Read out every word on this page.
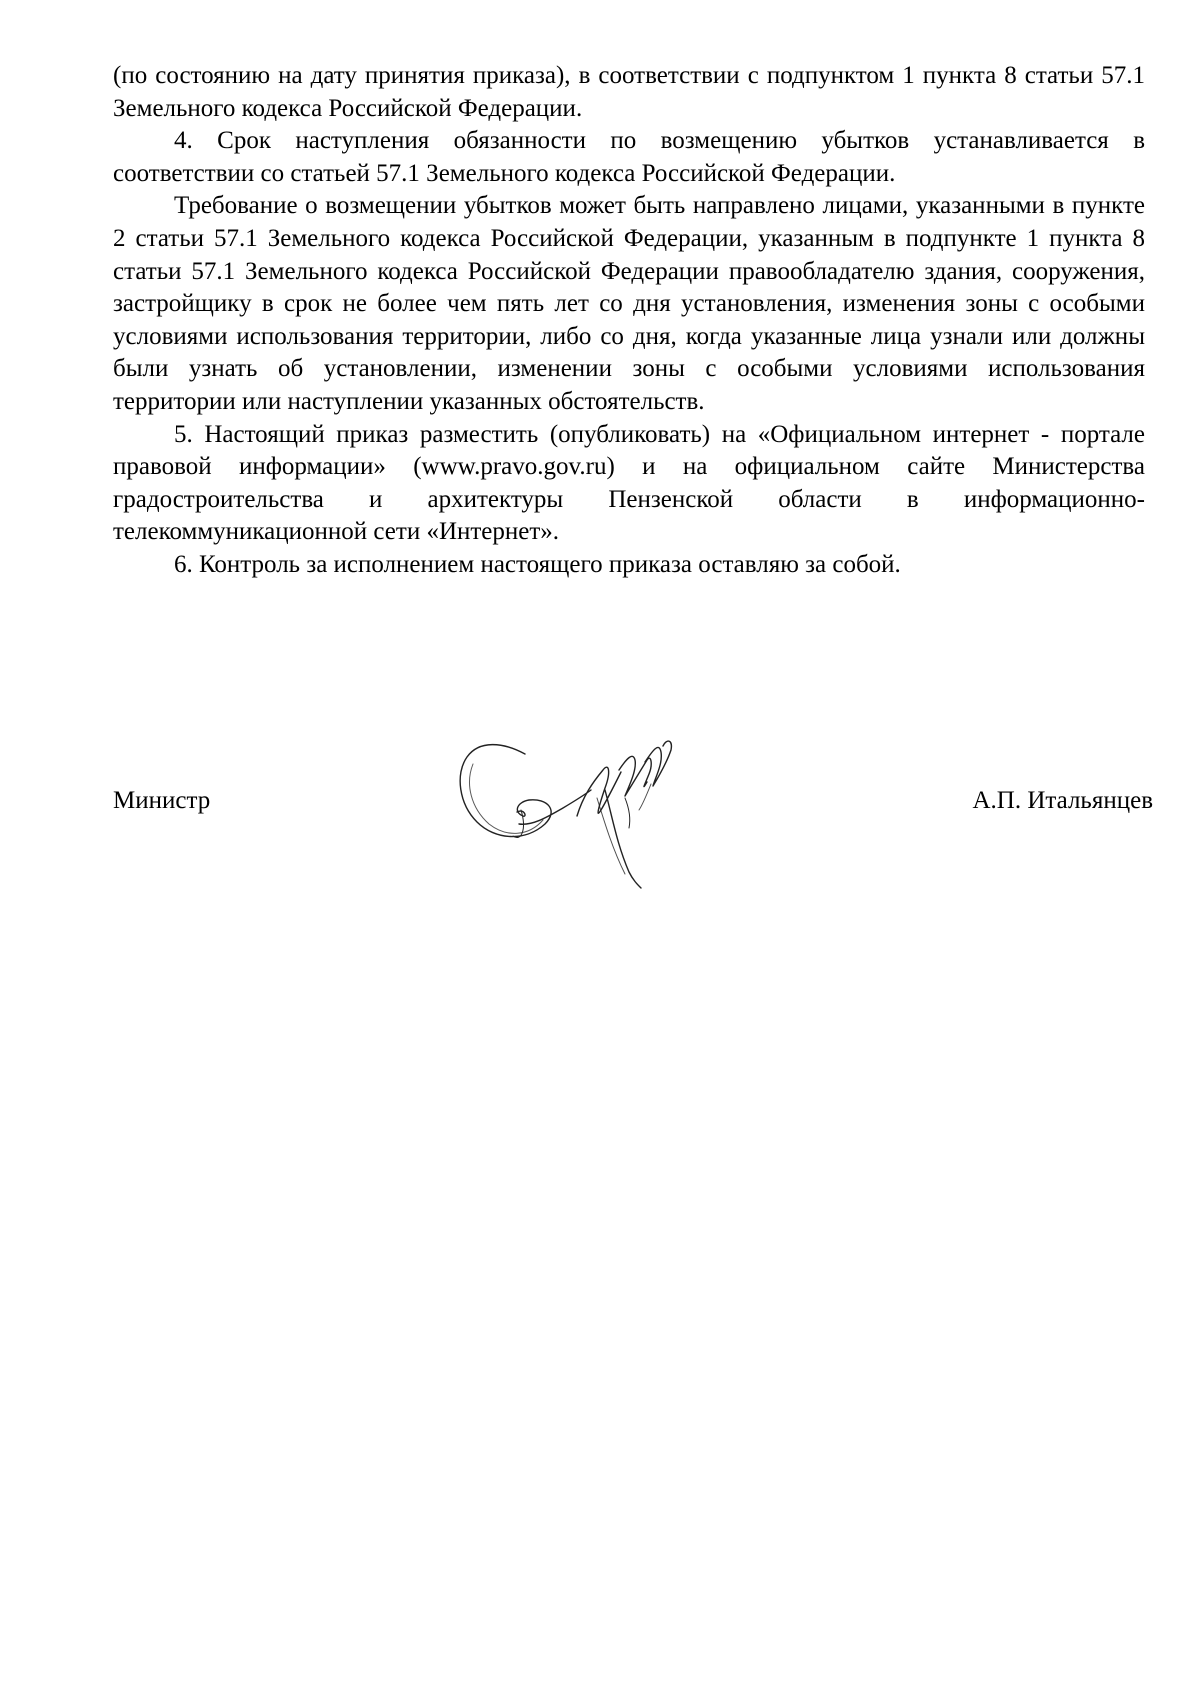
(по состоянию на дату принятия приказа), в соответствии с подпунктом 1 пункта 8 статьи 57.1 Земельного кодекса Российской Федерации.

4. Срок наступления обязанности по возмещению убытков устанавливается в соответствии со статьей 57.1 Земельного кодекса Российской Федерации.

Требование о возмещении убытков может быть направлено лицами, указанными в пункте 2 статьи 57.1 Земельного кодекса Российской Федерации, указанным в подпункте 1 пункта 8 статьи 57.1 Земельного кодекса Российской Федерации правообладателю здания, сооружения, застройщику в срок не более чем пять лет со дня установления, изменения зоны с особыми условиями использования территории, либо со дня, когда указанные лица узнали или должны были узнать об установлении, изменении зоны с особыми условиями использования территории или наступлении указанных обстоятельств.

5. Настоящий приказ разместить (опубликовать) на «Официальном интернет - портале правовой информации» (www.pravo.gov.ru) и на официальном сайте Министерства градостроительства и архитектуры Пензенской области в информационно-телекоммуникационной сети «Интернет».

6. Контроль за исполнением настоящего приказа оставляю за собой.

Министр	А.П. Итальянцев
